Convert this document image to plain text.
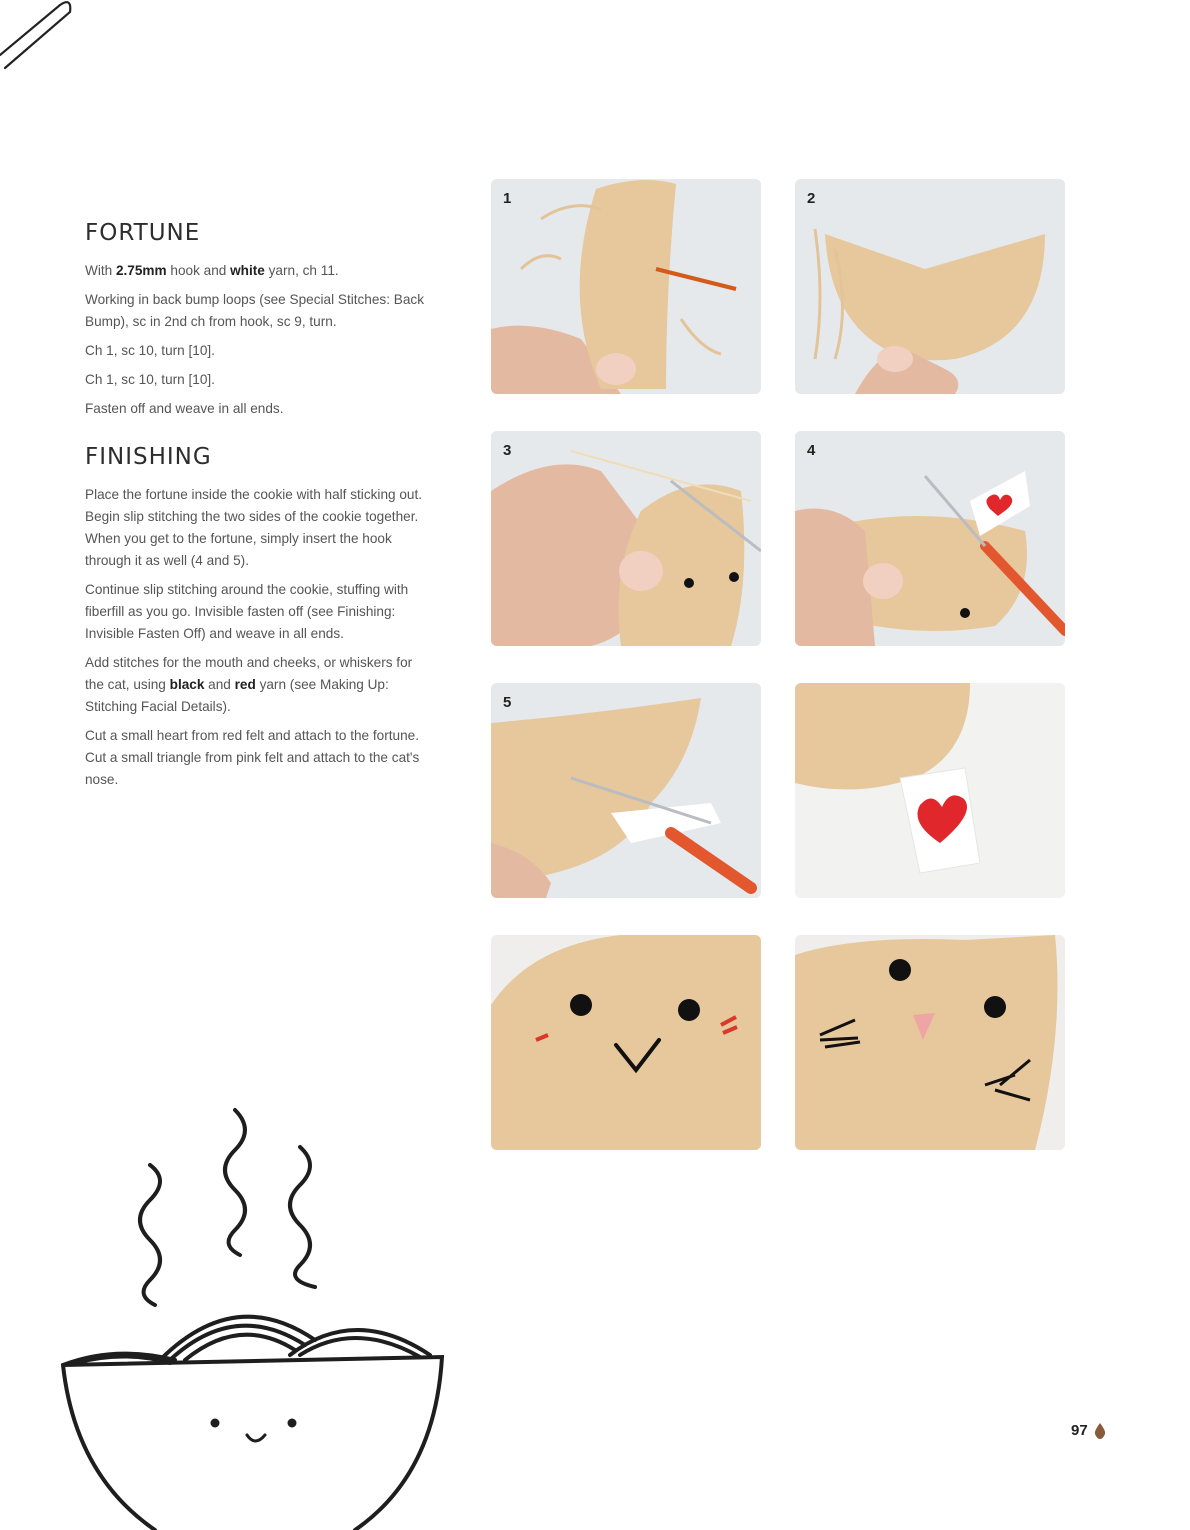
FORTUNE

With 2.75mm hook and white yarn, ch 11.

Working in back bump loops (see Special Stitches: Back Bump), sc in 2nd ch from hook, sc 9, turn.

Ch 1, sc 10, turn [10].

Ch 1, sc 10, turn [10].

Fasten off and weave in all ends.

FINISHING

Place the fortune inside the cookie with half sticking out. Begin slip stitching the two sides of the cookie together. When you get to the fortune, simply insert the hook through it as well (4 and 5).

Continue slip stitching around the cookie, stuffing with fiberfill as you go. Invisible fasten off (see Finishing: Invisible Fasten Off) and weave in all ends.

Add stitches for the mouth and cheeks, or whiskers for the cat, using black and red yarn (see Making Up: Stitching Facial Details).

Cut a small heart from red felt and attach to the fortune. Cut a small triangle from pink felt and attach to the cat's nose.

1	2
3	4
5
97
